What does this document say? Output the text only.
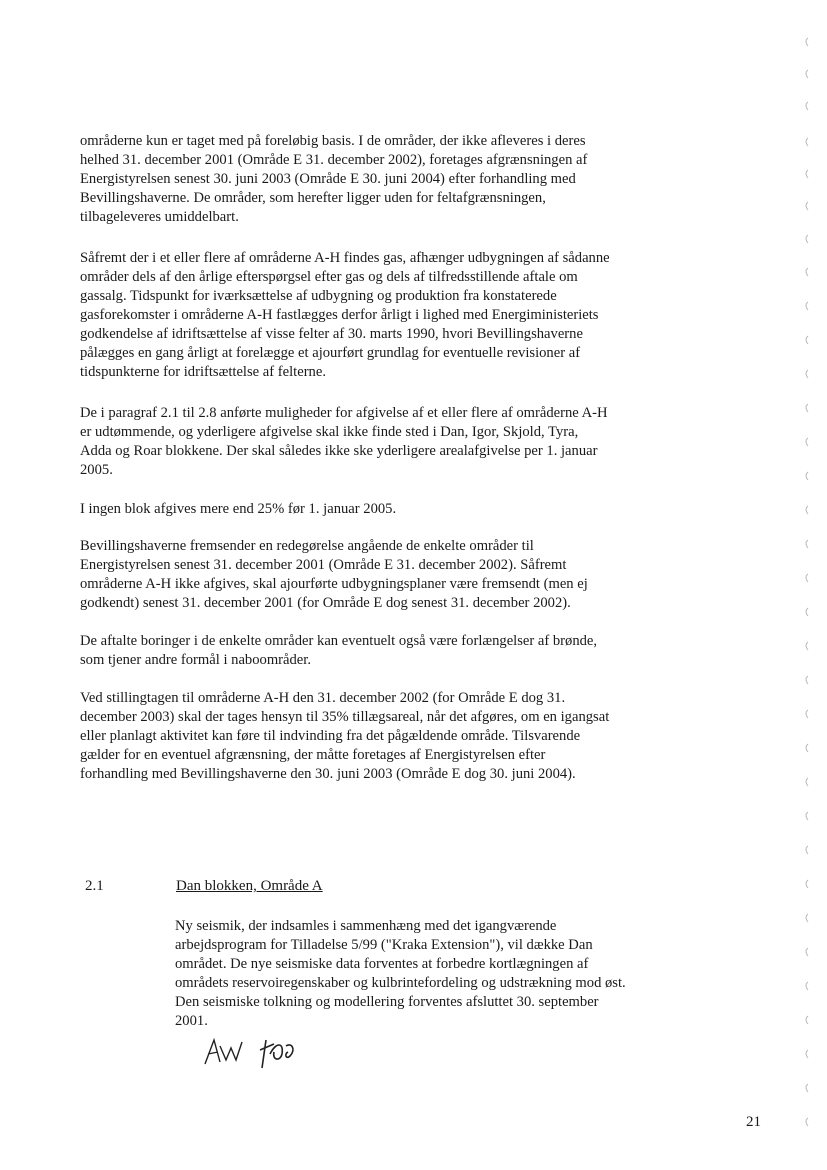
områderne kun er taget med på foreløbig basis. I de områder, der ikke afleveres i deres
helhed 31. december 2001 (Område E 31. december 2002), foretages afgrænsningen af
Energistyrelsen senest 30. juni 2003 (Område E 30. juni 2004) efter forhandling med
Bevillingshaverne. De områder, som herefter ligger uden for feltafgrænsningen,
tilbageleveres umiddelbart.

Såfremt der i et eller flere af områderne A-H findes gas, afhænger udbygningen af sådanne
områder dels af den årlige efterspørgsel efter gas og dels af tilfredsstillende aftale om
gassalg. Tidspunkt for iværksættelse af udbygning og produktion fra konstaterede
gasforekomster i områderne A-H fastlægges derfor årligt i lighed med Energiministeriets
godkendelse af idriftsættelse af visse felter af 30. marts 1990, hvori Bevillingshaverne
pålægges en gang årligt at forelægge et ajourført grundlag for eventuelle revisioner af
tidspunkterne for idriftsættelse af felterne.

De i paragraf 2.1 til 2.8 anførte muligheder for afgivelse af et eller flere af områderne A-H
er udtømmende, og yderligere afgivelse skal ikke finde sted i Dan, Igor, Skjold, Tyra,
Adda og Roar blokkene. Der skal således ikke ske yderligere arealafgivelse per 1. januar
2005.

I ingen blok afgives mere end 25% før 1. januar 2005.

Bevillingshaverne fremsender en redegørelse angående de enkelte områder til
Energistyrelsen senest 31. december 2001 (Område E 31. december 2002). Såfremt
områderne A-H ikke afgives, skal ajourførte udbygningsplaner være fremsendt (men ej
godkendt) senest 31. december 2001 (for Område E dog senest 31. december 2002).

De aftalte boringer i de enkelte områder kan eventuelt også være forlængelser af brønde,
som tjener andre formål i naboområder.

Ved stillingtagen til områderne A-H den 31. december 2002 (for Område E dog 31.
december 2003) skal der tages hensyn til 35% tillægsareal, når det afgøres, om en igangsat
eller planlagt aktivitet kan føre til indvinding fra det pågældende område. Tilsvarende
gælder for en eventuel afgrænsning, der måtte foretages af Energistyrelsen efter
forhandling med Bevillingshaverne den 30. juni 2003 (Område E dog 30. juni 2004).

2.1	Dan blokken, Område A

Ny seismik, der indsamles i sammenhæng med det igangværende
arbejdsprogram for Tilladelse 5/99 ("Kraka Extension"), vil dække Dan
området. De nye seismiske data forventes at forbedre kortlægningen af
områdets reservoiregenskaber og kulbrintefordeling og udstrækning mod øst.
Den seismiske tolkning og modellering forventes afsluttet 30. september
2001.

21
